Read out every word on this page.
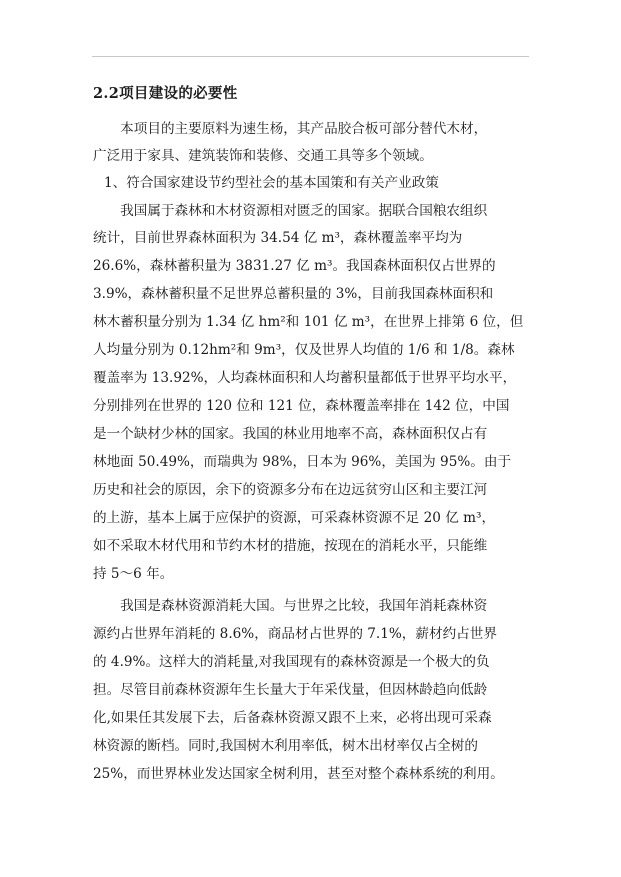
2.2项目建设的必要性
　　本项目的主要原料为速生杨，其产品胶合板可部分替代木材，
广泛用于家具、建筑装饰和装修、交通工具等多个领域。
1、符合国家建设节约型社会的基本国策和有关产业政策
　　我国属于森林和木材资源相对匮乏的国家。据联合国粮农组织
统计，目前世界森林面积为 34.54 亿 m³，森林覆盖率平均为
26.6%，森林蓄积量为 3831.27 亿 m³。我国森林面积仅占世界的
3.9%，森林蓄积量不足世界总蓄积量的 3%，目前我国森林面积和
林木蓄积量分别为 1.34 亿 hm²和 101 亿 m³，在世界上排第 6 位，但
人均量分别为 0.12hm²和 9m³，仅及世界人均值的 1/6 和 1/8。森林
覆盖率为 13.92%，人均森林面积和人均蓄积量都低于世界平均水平，
分别排列在世界的 120 位和 121 位，森林覆盖率排在 142 位，中国
是一个缺材少林的国家。我国的林业用地率不高，森林面积仅占有
林地面 50.49%，而瑞典为 98%，日本为 96%，美国为 95%。由于
历史和社会的原因，余下的资源多分布在边远贫穷山区和主要江河
的上游，基本上属于应保护的资源，可采森林资源不足 20 亿 m³，
如不采取木材代用和节约木材的措施，按现在的消耗水平，只能维
持 5～6 年。
　　我国是森林资源消耗大国。与世界之比较，我国年消耗森林资
源约占世界年消耗的 8.6%，商品材占世界的 7.1%，薪材约占世界
的 4.9%。这样大的消耗量,对我国现有的森林资源是一个极大的负
担。尽管目前森林资源年生长量大于年采伐量，但因林龄趋向低龄
化,如果任其发展下去，后备森林资源又跟不上来，必将出现可采森
林资源的断档。同时,我国树木利用率低，树木出材率仅占全树的
25%，而世界林业发达国家全树利用，甚至对整个森林系统的利用。
